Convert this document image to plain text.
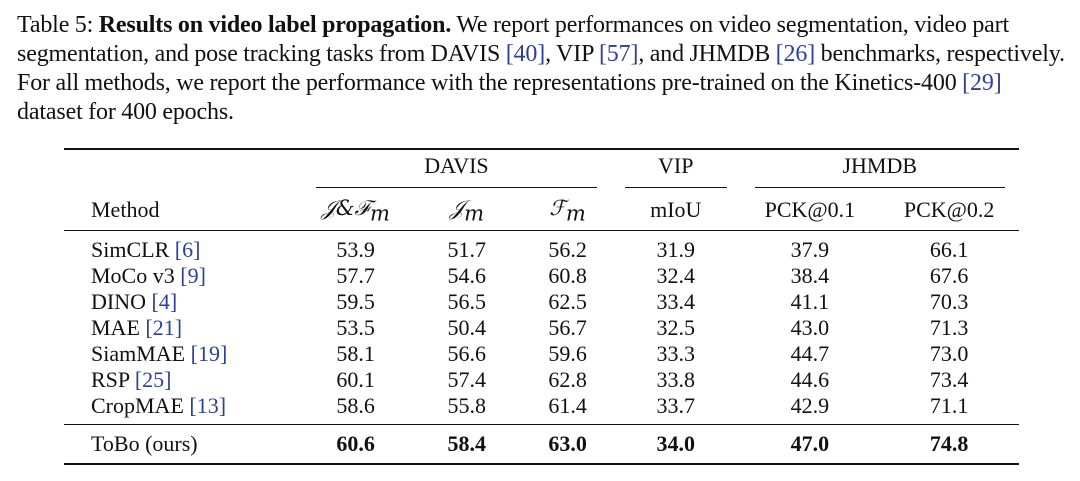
Table 5: Results on video label propagation. We report performances on video segmentation, video part segmentation, and pose tracking tasks from DAVIS [40], VIP [57], and JHMDB [26] benchmarks, respectively. For all methods, we report the performance with the representations pre-trained on the Kinetics-400 [29] dataset for 400 epochs.

	DAVIS			VIP	JHMDB	

Method	𝒥&ℱ$_m$	𝒥$_m$	ℱ$_m$	mIoU	PCK@0.1	PCK@0.2
SimCLR [6]	53.9	51.7	56.2	31.9	37.9	66.1
MoCo v3 [9]	57.7	54.6	60.8	32.4	38.4	67.6
DINO [4]	59.5	56.5	62.5	33.4	41.1	70.3
MAE [21]	53.5	50.4	56.7	32.5	43.0	71.3
SiamMAE [19]	58.1	56.6	59.6	33.3	44.7	73.0
RSP [25]	60.1	57.4	62.8	33.8	44.6	73.4
CropMAE [13]	58.6	55.8	61.4	33.7	42.9	71.1
ToBo (ours)	60.6	58.4	63.0	34.0	47.0	74.8
